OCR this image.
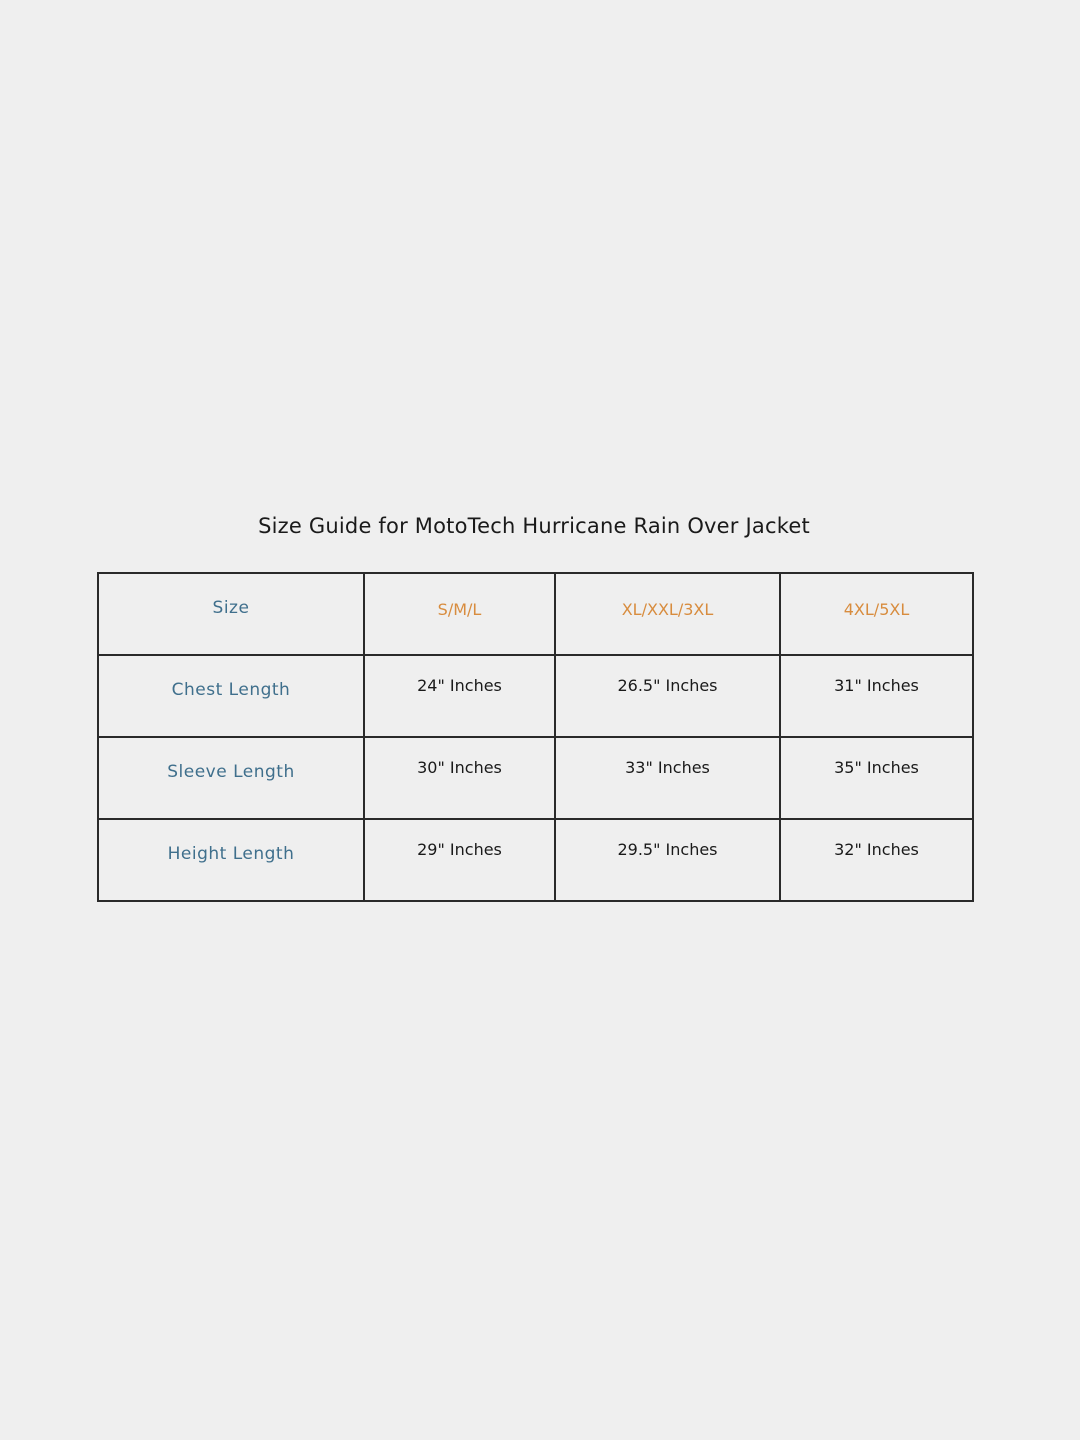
Size Guide for MotoTech Hurricane Rain Over Jacket
Size	S/M/L	XL/XXL/3XL	4XL/5XL
Chest Length	24" Inches	26.5" Inches	31" Inches
Sleeve Length	30" Inches	33" Inches	35" Inches
Height Length	29" Inches	29.5" Inches	32" Inches
